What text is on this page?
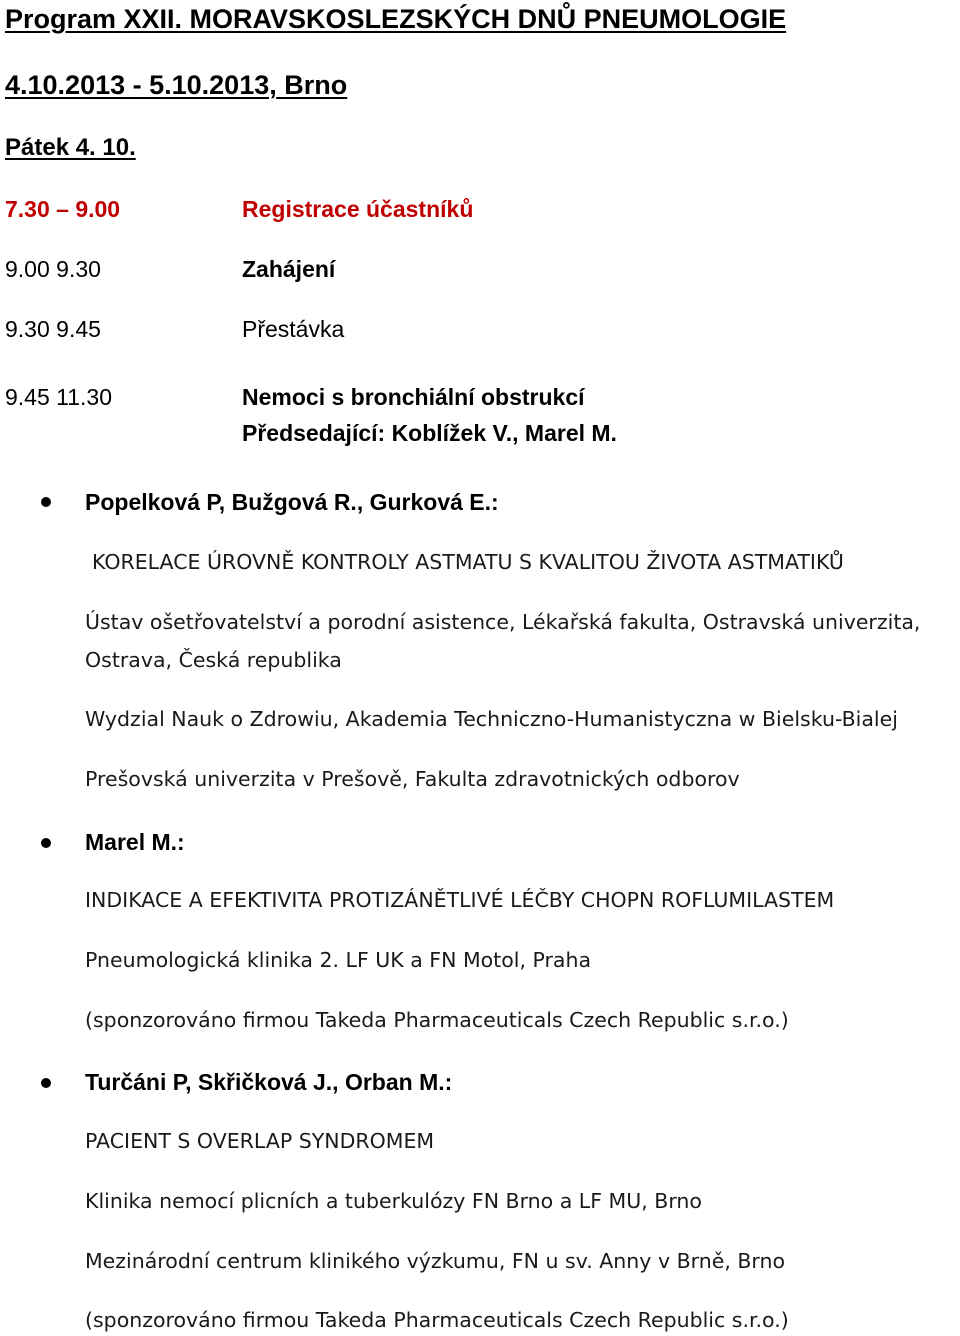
Program XXII. MORAVSKOSLEZSKÝCH DNŮ PNEUMOLOGIE
4.10.2013 - 5.10.2013, Brno
Pátek 4. 10.
7.30 – 9.00	Registrace účastníků
9.00 9.30	Zahájení
9.30 9.45	Přestávka
9.45 11.30	Nemoci s bronchiální obstrukcí
Předsedající: Koblížek V., Marel M.
Popelková P, Bužgová R., Gurková E.:
KORELACE ÚROVNĚ KONTROLY ASTMATU S KVALITOU ŽIVOTA ASTMATIKŮ
Ústav ošetřovatelství a porodní asistence, Lékařská fakulta, Ostravská univerzita,
Ostrava, Česká republika
Wydzial Nauk o Zdrowiu, Akademia Techniczno-Humanistyczna w Bielsku-Bialej
Prešovská univerzita v Prešově, Fakulta zdravotnických odborov
Marel M.:
INDIKACE A EFEKTIVITA PROTIZÁNĚTLIVÉ LÉČBY CHOPN ROFLUMILASTEM
Pneumologická klinika 2. LF UK a FN Motol, Praha
(sponzorováno firmou Takeda Pharmaceuticals Czech Republic s.r.o.)
Turčáni P, Skřičková J., Orban M.:
PACIENT S OVERLAP SYNDROMEM
Klinika nemocí plicních a tuberkulózy FN Brno a LF MU, Brno
Mezinárodní centrum klinikého výzkumu, FN u sv. Anny v Brně, Brno
(sponzorováno firmou Takeda Pharmaceuticals Czech Republic s.r.o.)
